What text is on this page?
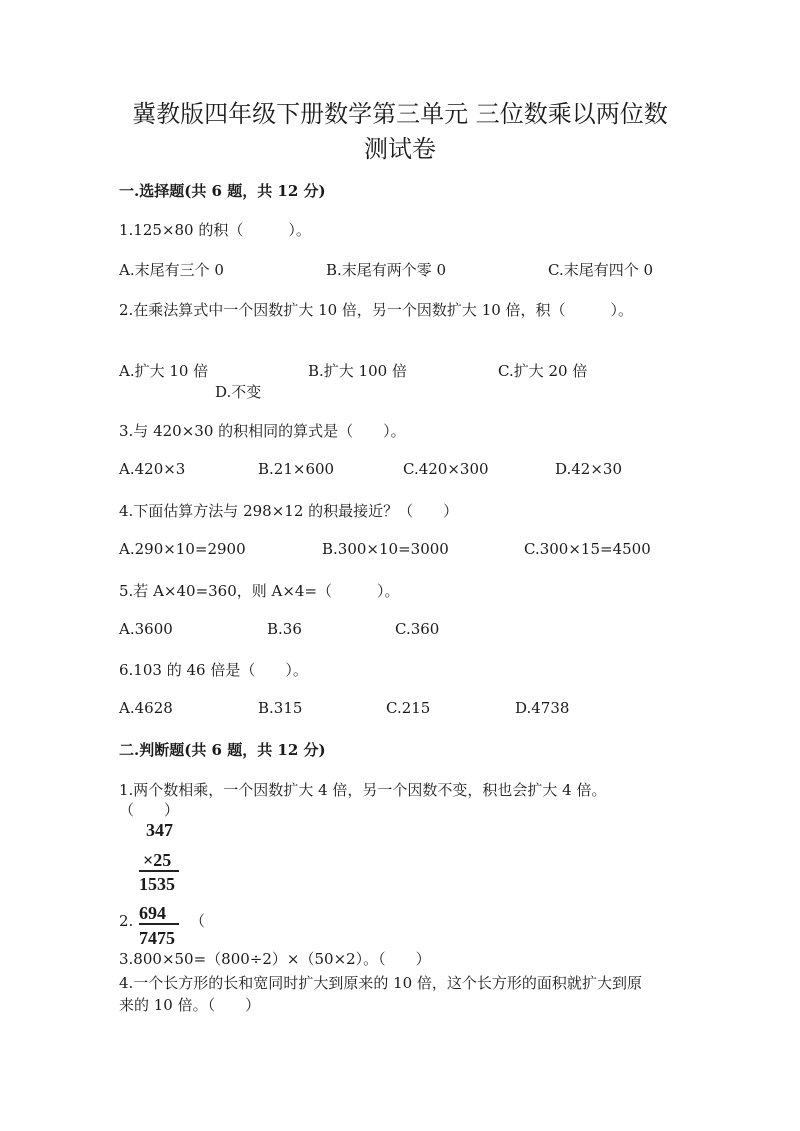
冀教版四年级下册数学第三单元 三位数乘以两位数
测试卷
一.选择题(共 6 题，共 12 分)
1.125×80 的积（　　　）。
A.末尾有三个 0	B.末尾有两个零 0	C.末尾有四个 0
2.在乘法算式中一个因数扩大 10 倍，另一个因数扩大 10 倍，积（　　　）。
A.扩大 10 倍	B.扩大 100 倍	C.扩大 20 倍
D.不变
3.与 420×30 的积相同的算式是（　　）。
A.420×3	B.21×600	C.420×300	D.42×30
4.下面估算方法与 298×12 的积最接近？（　　）
A.290×10=2900	B.300×10=3000	C.300×15=4500
5.若 A×40=360，则 A×4=（　　　）。
A.3600	B.36	C.360
6.103 的 46 倍是（　　）。
A.4628	B.315	C.215	D.4738
二.判断题(共 6 题，共 12 分)
1.两个数相乘，一个因数扩大 4 倍，另一个因数不变，积也会扩大 4 倍。
（　　）
347
×25
1535
2. 694
7475
（
3.800×50=（800÷2）×（50×2）。（　　）
4.一个长方形的长和宽同时扩大到原来的 10 倍，这个长方形的面积就扩大到原
来的 10 倍。（　　）
